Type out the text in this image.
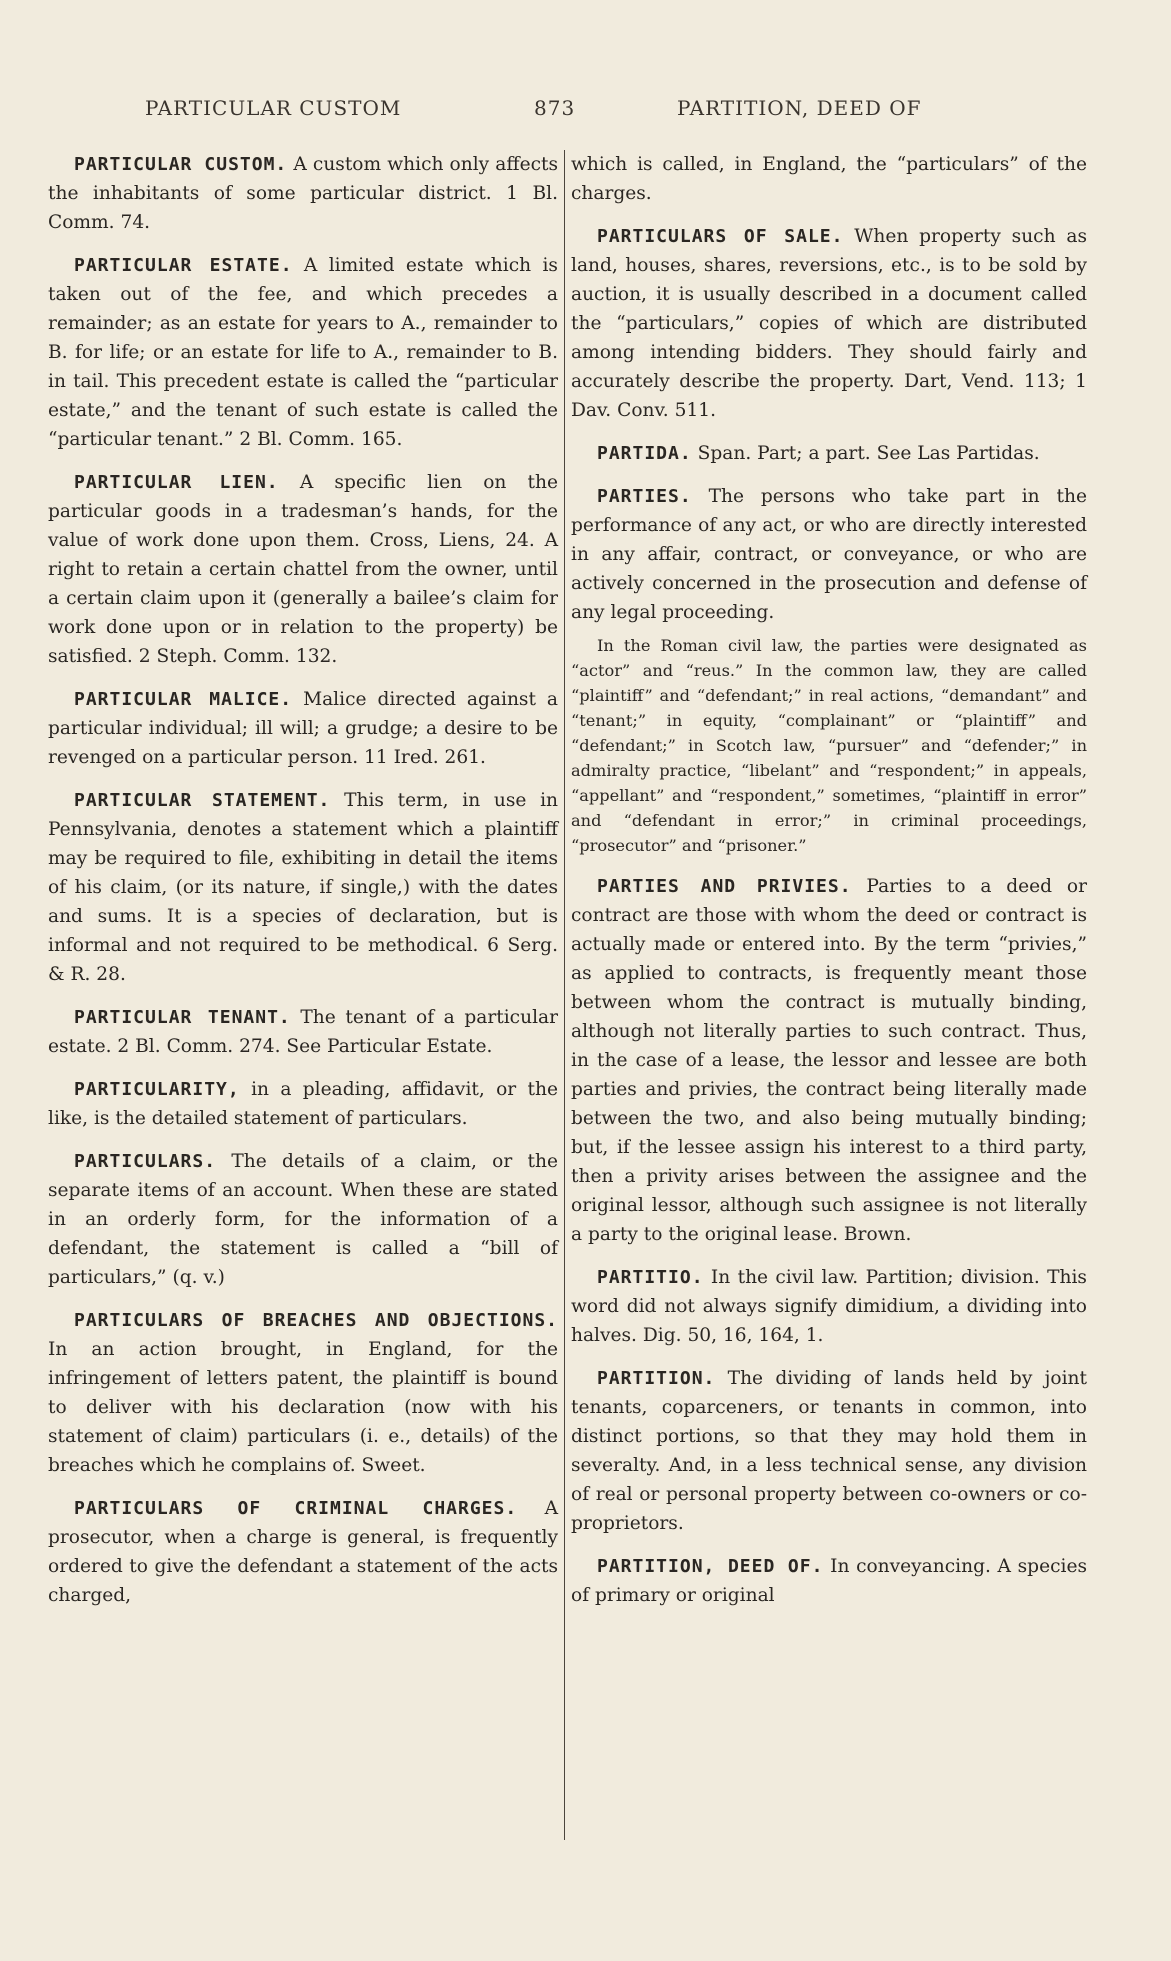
PARTICULAR CUSTOM	873	PARTITION, DEED OF

PARTICULAR CUSTOM. A custom which only affects the inhabitants of some particular district. 1 Bl. Comm. 74.

PARTICULAR ESTATE. A limited estate which is taken out of the fee, and which precedes a remainder; as an estate for years to A., remainder to B. for life; or an estate for life to A., remainder to B. in tail. This precedent estate is called the “particular estate,” and the tenant of such estate is called the “particular tenant.” 2 Bl. Comm. 165.

PARTICULAR LIEN. A specific lien on the particular goods in a tradesman’s hands, for the value of work done upon them. Cross, Liens, 24. A right to retain a certain chattel from the owner, until a certain claim upon it (generally a bailee’s claim for work done upon or in relation to the property) be satisfied. 2 Steph. Comm. 132.

PARTICULAR MALICE. Malice directed against a particular individual; ill will; a grudge; a desire to be revenged on a particular person. 11 Ired. 261.

PARTICULAR STATEMENT. This term, in use in Pennsylvania, denotes a statement which a plaintiff may be required to file, exhibiting in detail the items of his claim, (or its nature, if single,) with the dates and sums. It is a species of declaration, but is informal and not required to be methodical. 6 Serg. & R. 28.

PARTICULAR TENANT. The tenant of a particular estate. 2 Bl. Comm. 274. See Particular Estate.

PARTICULARITY, in a pleading, affidavit, or the like, is the detailed statement of particulars.

PARTICULARS. The details of a claim, or the separate items of an account. When these are stated in an orderly form, for the information of a defendant, the statement is called a “bill of particulars,” (q. v.)

PARTICULARS OF BREACHES AND OBJECTIONS. In an action brought, in England, for the infringement of letters patent, the plaintiff is bound to deliver with his declaration (now with his statement of claim) particulars (i. e., details) of the breaches which he complains of. Sweet.

PARTICULARS OF CRIMINAL CHARGES. A prosecutor, when a charge is general, is frequently ordered to give the defendant a statement of the acts charged,

which is called, in England, the “particulars” of the charges.

PARTICULARS OF SALE. When property such as land, houses, shares, reversions, etc., is to be sold by auction, it is usually described in a document called the “particulars,” copies of which are distributed among intending bidders. They should fairly and accurately describe the property. Dart, Vend. 113; 1 Dav. Conv. 511.

PARTIDA. Span. Part; a part. See Las Partidas.

PARTIES. The persons who take part in the performance of any act, or who are directly interested in any affair, contract, or conveyance, or who are actively concerned in the prosecution and defense of any legal proceeding.

In the Roman civil law, the parties were designated as “actor” and “reus.” In the common law, they are called “plaintiff” and “defendant;” in real actions, “demandant” and “tenant;” in equity, “complainant” or “plaintiff” and “defendant;” in Scotch law, “pursuer” and “defender;” in admiralty practice, “libelant” and “respondent;” in appeals, “appellant” and “respondent,” sometimes, “plaintiff in error” and “defendant in error;” in criminal proceedings, “prosecutor” and “prisoner.”

PARTIES AND PRIVIES. Parties to a deed or contract are those with whom the deed or contract is actually made or entered into. By the term “privies,” as applied to contracts, is frequently meant those between whom the contract is mutually binding, although not literally parties to such contract. Thus, in the case of a lease, the lessor and lessee are both parties and privies, the contract being literally made between the two, and also being mutually binding; but, if the lessee assign his interest to a third party, then a privity arises between the assignee and the original lessor, although such assignee is not literally a party to the original lease. Brown.

PARTITIO. In the civil law. Partition; division. This word did not always signify dimidium, a dividing into halves. Dig. 50, 16, 164, 1.

PARTITION. The dividing of lands held by joint tenants, coparceners, or tenants in common, into distinct portions, so that they may hold them in severalty. And, in a less technical sense, any division of real or personal property between co-owners or co-proprietors.

PARTITION, DEED OF. In conveyancing. A species of primary or original
